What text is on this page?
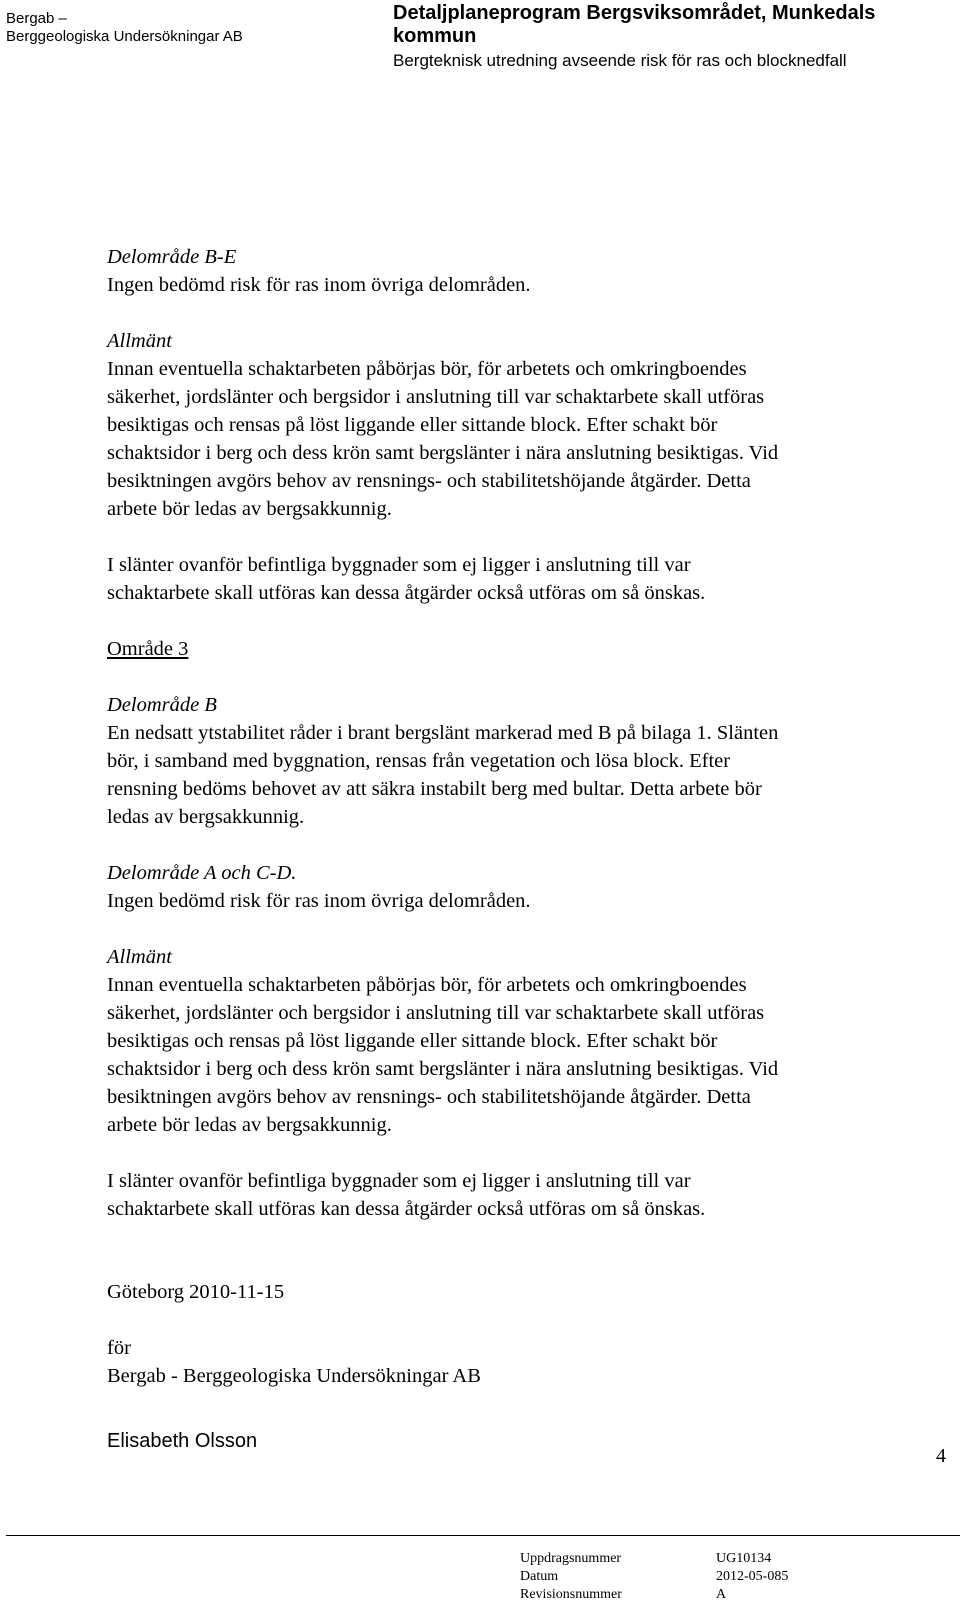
Bergab –

Berggeologiska Undersökningar AB

Detaljplaneprogram Bergsviksområdet, Munkedals

kommun

Bergteknisk utredning avseende risk för ras och blocknedfall

Delområde B-E

Ingen bedömd risk för ras inom övriga delområden.

Allmänt

Innan eventuella schaktarbeten påbörjas bör, för arbetets och omkringboendes

säkerhet, jordslänter och bergsidor i anslutning till var schaktarbete skall utföras

besiktigas och rensas på löst liggande eller sittande block. Efter schakt bör

schaktsidor i berg och dess krön samt bergslänter i nära anslutning besiktigas. Vid

besiktningen avgörs behov av rensnings- och stabilitetshöjande åtgärder. Detta

arbete bör ledas av bergsakkunnig.

I slänter ovanför befintliga byggnader som ej ligger i anslutning till var

schaktarbete skall utföras kan dessa åtgärder också utföras om så önskas.

Område 3

Delområde B

En nedsatt ytstabilitet råder i brant bergslänt markerad med B på bilaga 1. Slänten

bör, i samband med byggnation, rensas från vegetation och lösa block. Efter

rensning bedöms behovet av att säkra instabilt berg med bultar. Detta arbete bör

ledas av bergsakkunnig.

Delområde A och C-D.

Ingen bedömd risk för ras inom övriga delområden.

Allmänt

Innan eventuella schaktarbeten påbörjas bör, för arbetets och omkringboendes

säkerhet, jordslänter och bergsidor i anslutning till var schaktarbete skall utföras

besiktigas och rensas på löst liggande eller sittande block. Efter schakt bör

schaktsidor i berg och dess krön samt bergslänter i nära anslutning besiktigas. Vid

besiktningen avgörs behov av rensnings- och stabilitetshöjande åtgärder. Detta

arbete bör ledas av bergsakkunnig.

I slänter ovanför befintliga byggnader som ej ligger i anslutning till var

schaktarbete skall utföras kan dessa åtgärder också utföras om så önskas.

Göteborg 2010-11-15

för

Bergab - Berggeologiska Undersökningar AB

Elisabeth Olsson

4

Uppdragsnummer

Datum

Revisionsnummer

UG10134

2012-05-085

A
